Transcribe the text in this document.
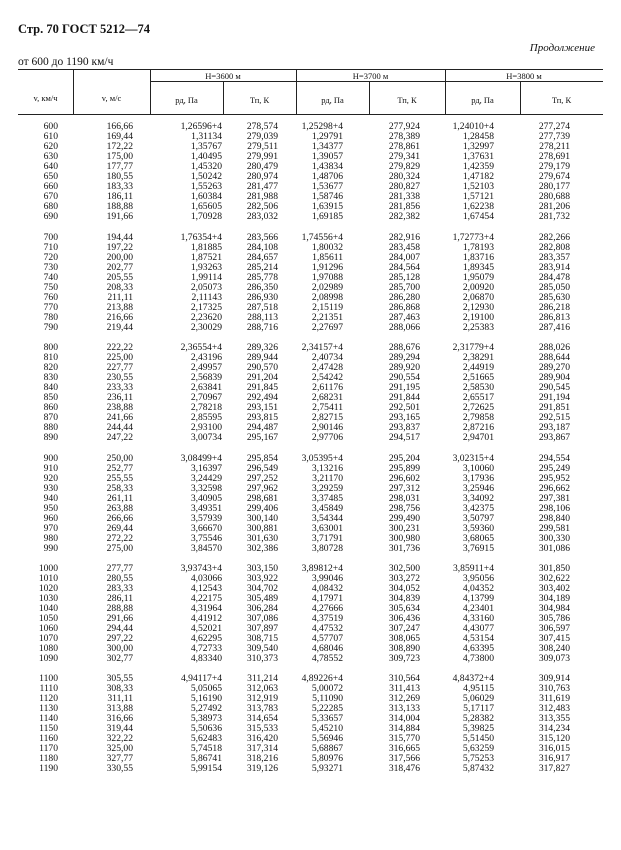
Стр. 70 ГОСТ 5212—74
Продолжение
от 600 до 1190 км/ч
v, км/ч	v, м/с
H=3600 м	H=3700 м	H=3800 м
рд, Па	Тп, К	рд, Па	Тп, К	рд, Па	Тп, К
600	166,66	1,26596+4	278,574 1,25298+4	277,924	1,24010+4	277,274
610	169,44	1,31134	279,039	1,29791	278,389	1,28458	277,739
620	172,22	1,35767	279,511	1,34377	278,861	1,32997	278,211
630	175,00	1,40495	279,991	1,39057	279,341	1,37631	278,691
640	177,77	1,45320	280,479	1,43834	279,829	1,42359	279,179
650	180,55	1,50242	280,974	1,48706	280,324	1,47182	279,674
660	183,33	1,55263	281,477	1,53677	280,827	1,52103	280,177
670	186,11	1,60384	281,988	1,58746	281,338	1,57121	280,688
680	188,88	1,65605	282,506	1,63915	281,856	1,62238	281,206
690	191,66	1,70928	283,032	1,69185	282,382	1,67454	281,732
700	194,44	1,76354+4	283,566 1,74556+4	282,916	1,72773+4	282,266
710	197,22	1,81885	284,108	1,80032	283,458	1,78193	282,808
720	200,00	1,87521	284,657	1,85611	284,007	1,83716	283,357
730	202,77	1,93263	285,214	1,91296	284,564	1,89345	283,914
740	205,55	1,99114	285,778	1,97088	285,128	1,95079	284,478
750	208,33	2,05073	286,350	2,02989	285,700	2,00920	285,050
760	211,11	2,11143	286,930	2,08998	286,280	2,06870	285,630
770	213,88	2,17325	287,518	2,15119	286,868	2,12930	286,218
780	216,66	2,23620	288,113	2,21351	287,463	2,19100	286,813
790	219,44	2,30029	288,716	2,27697	288,066	2,25383	287,416
800	222,22	2,36554+4	289,326 2,34157+4	288,676	2,31779+4	288,026
810	225,00	2,43196	289,944	2,40734	289,294	2,38291	288,644
820	227,77	2,49957	290,570	2,47428	289,920	2,44919	289,270
830	230,55	2,56839	291,204	2,54242	290,554	2,51665	289,904
840	233,33	2,63841	291,845	2,61176	291,195	2,58530	290,545
850	236,11	2,70967	292,494	2,68231	291,844	2,65517	291,194
860	238,88	2,78218	293,151	2,75411	292,501	2,72625	291,851
870	241,66	2,85595	293,815	2,82715	293,165	2,79858	292,515
880	244,44	2,93100	294,487	2,90146	293,837	2,87216	293,187
890	247,22	3,00734	295,167	2,97706	294,517	2,94701	293,867
900	250,00	3,08499+4	295,854 3,05395+4	295,204	3,02315+4	294,554
910	252,77	3,16397	296,549	3,13216	295,899	3,10060	295,249
920	255,55	3,24429	297,252	3,21170	296,602	3,17936	295,952
930	258,33	3,32598	297,962	3,29259	297,312	3,25946	296,662
940	261,11	3,40905	298,681	3,37485	298,031	3,34092	297,381
950	263,88	3,49351	299,406	3,45849	298,756	3,42375	298,106
960	266,66	3,57939	300,140	3,54344	299,490	3,50797	298,840
970	269,44	3,66670	300,881	3,63001	300,231	3,59360	299,581
980	272,22	3,75546	301,630	3,71791	300,980	3,68065	300,330
990	275,00	3,84570	302,386	3,80728	301,736	3,76915	301,086
1000	277,77	3,93743+4	303,150 3,89812+4	302,500	3,85911+4	301,850
1010	280,55	4,03066	303,922	3,99046	303,272	3,95056	302,622
1020	283,33	4,12543	304,702	4,08432	304,052	4,04352	303,402
1030	286,11	4,22175	305,489	4,17971	304,839	4,13799	304,189
1040	288,88	4,31964	306,284	4,27666	305,634	4,23401	304,984
1050	291,66	4,41912	307,086	4,37519	306,436	4,33160	305,786
1060	294,44	4,52021	307,897	4,47532	307,247	4,43077	306,597
1070	297,22	4,62295	308,715	4,57707	308,065	4,53154	307,415
1080	300,00	4,72733	309,540	4,68046	308,890	4,63395	308,240
1090	302,77	4,83340	310,373	4,78552	309,723	4,73800	309,073
1100	305,55	4,94117+4	311,214 4,89226+4	310,564	4,84372+4	309,914
1110	308,33	5,05065	312,063	5,00072	311,413	4,95115	310,763
1120	311,11	5,16190	312,919	5,11090	312,269	5,06029	311,619
1130	313,88	5,27492	313,783	5,22285	313,133	5,17117	312,483
1140	316,66	5,38973	314,654	5,33657	314,004	5,28382	313,355
1150	319,44	5,50636	315,533	5,45210	314,884	5,39825	314,234
1160	322,22	5,62483	316,420	5,56946	315,770	5,51450	315,120
1170	325,00	5,74518	317,314	5,68867	316,665	5,63259	316,015
1180	327,77	5,86741	318,216	5,80976	317,566	5,75253	316,917
1190	330,55	5,99154	319,126	5,93271	318,476	5,87432	317,827
